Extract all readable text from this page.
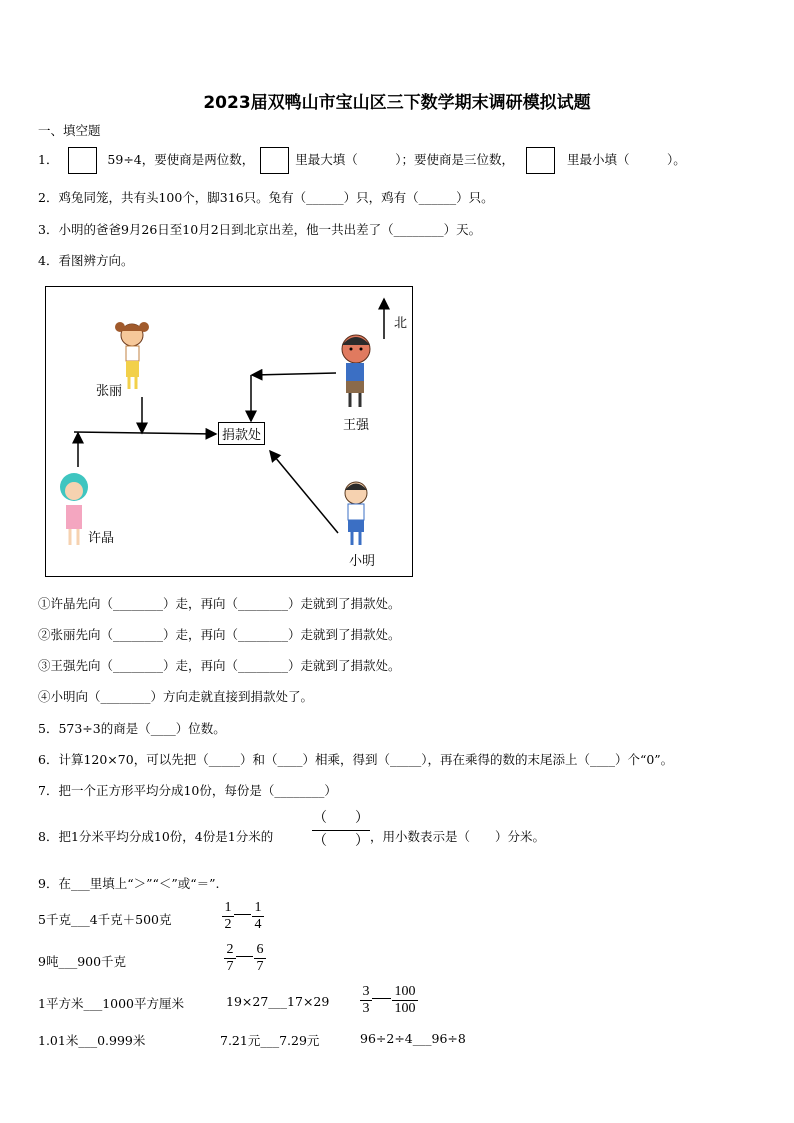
2023届双鸭山市宝山区三下数学期末调研模拟试题
一、填空题
1．	59÷4，要使商是两位数，	里最大填（　　　）；要使商是三位数，	里最小填（　　　）。
2．鸡兔同笼，共有头100个，脚316只。兔有（______）只，鸡有（______）只。
3．小明的爸爸9月26日至10月2日到北京出差，他一共出差了（________）天。
4．看图辨方向。
北
张丽
王强
许晶
小明
捐款处
①许晶先向（________）走，再向（________）走就到了捐款处。
②张丽先向（________）走，再向（________）走就到了捐款处。
③王强先向（________）走，再向（________）走就到了捐款处。
④小明向（________）方向走就直接到捐款处了。
5．573÷3的商是（____）位数。
6．计算120×70，可以先把（_____）和（____）相乘，得到（_____），再在乘得的数的末尾添上（____）个“0”。
7．把一个正方形平均分成10份，每份是（________）
8．把1分米平均分成10份，4份是1分米的
（　　）
（　　） ，用小数表示是（　　）分米。
9．在___里填上“＞”“＜”或“＝”.
5千克___4千克＋500克
1
2
1
4
9吨___900千克
2
7
6
7
1平方米___1000平方厘米	19×27___17×29
3
3
100
100
1.01米___0.999米	7.21元___7.29元	96÷2÷4___96÷8
